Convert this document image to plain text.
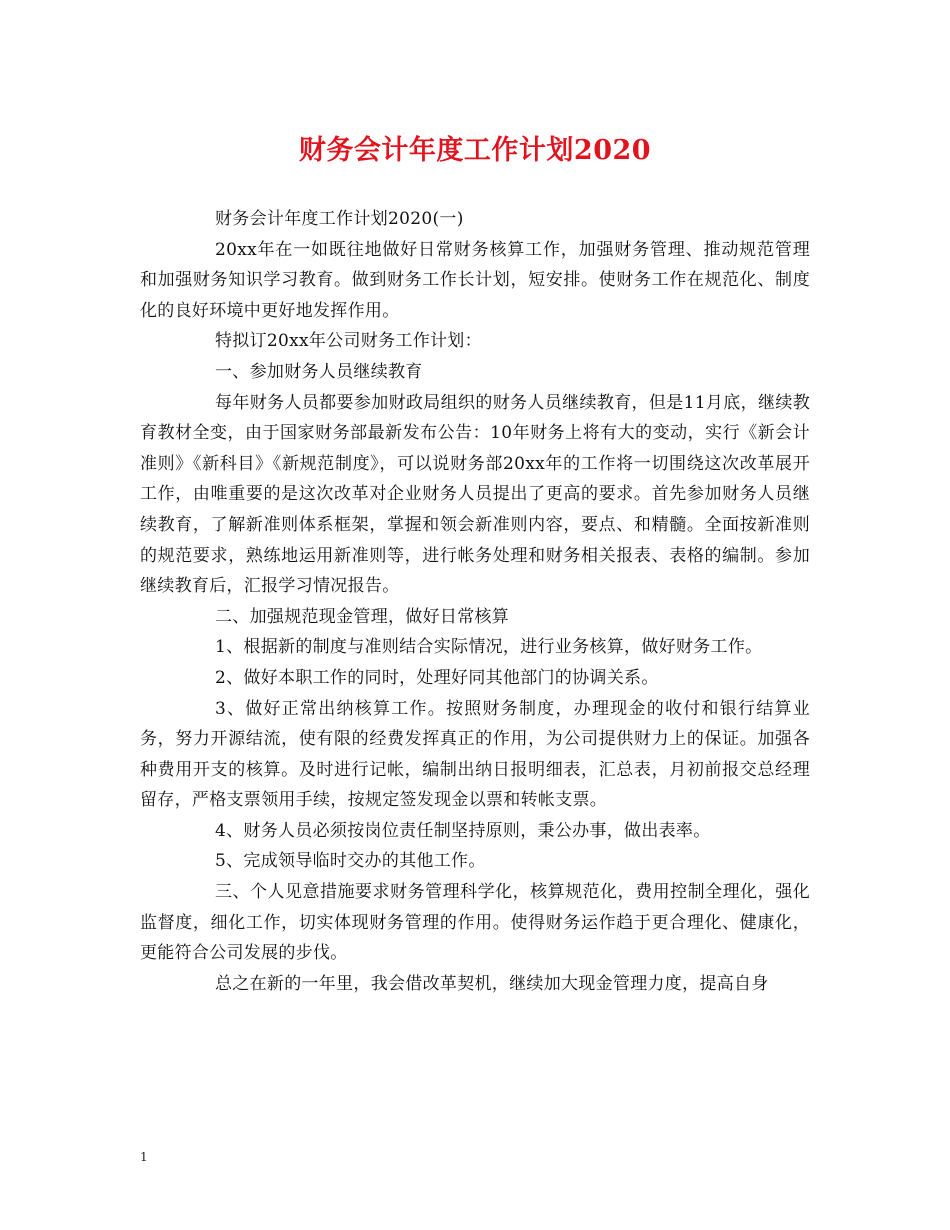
财务会计年度工作计划2020

财务会计年度工作计划2020(一)

20xx年在一如既往地做好日常财务核算工作，加强财务管理、推动规范管理和加强财务知识学习教育。做到财务工作长计划，短安排。使财务工作在规范化、制度化的良好环境中更好地发挥作用。

特拟订20xx年公司财务工作计划：

一、参加财务人员继续教育

每年财务人员都要参加财政局组织的财务人员继续教育，但是11月底，继续教育教材全变，由于国家财务部最新发布公告：10年财务上将有大的变动，实行《新会计准则》《新科目》《新规范制度》，可以说财务部20xx年的工作将一切围绕这次改革展开工作，由唯重要的是这次改革对企业财务人员提出了更高的要求。首先参加财务人员继续教育，了解新准则体系框架，掌握和领会新准则内容，要点、和精髓。全面按新准则的规范要求，熟练地运用新准则等，进行帐务处理和财务相关报表、表格的编制。参加继续教育后，汇报学习情况报告。

二、加强规范现金管理，做好日常核算

1、根据新的制度与准则结合实际情况，进行业务核算，做好财务工作。

2、做好本职工作的同时，处理好同其他部门的协调关系。

3、做好正常出纳核算工作。按照财务制度，办理现金的收付和银行结算业务，努力开源结流，使有限的经费发挥真正的作用，为公司提供财力上的保证。加强各种费用开支的核算。及时进行记帐，编制出纳日报明细表，汇总表，月初前报交总经理留存，严格支票领用手续，按规定签发现金以票和转帐支票。

4、财务人员必须按岗位责任制坚持原则，秉公办事，做出表率。

5、完成领导临时交办的其他工作。

三、个人见意措施要求财务管理科学化，核算规范化，费用控制全理化，强化监督度，细化工作，切实体现财务管理的作用。使得财务运作趋于更合理化、健康化，更能符合公司发展的步伐。

总之在新的一年里，我会借改革契机，继续加大现金管理力度，提高自身

1
